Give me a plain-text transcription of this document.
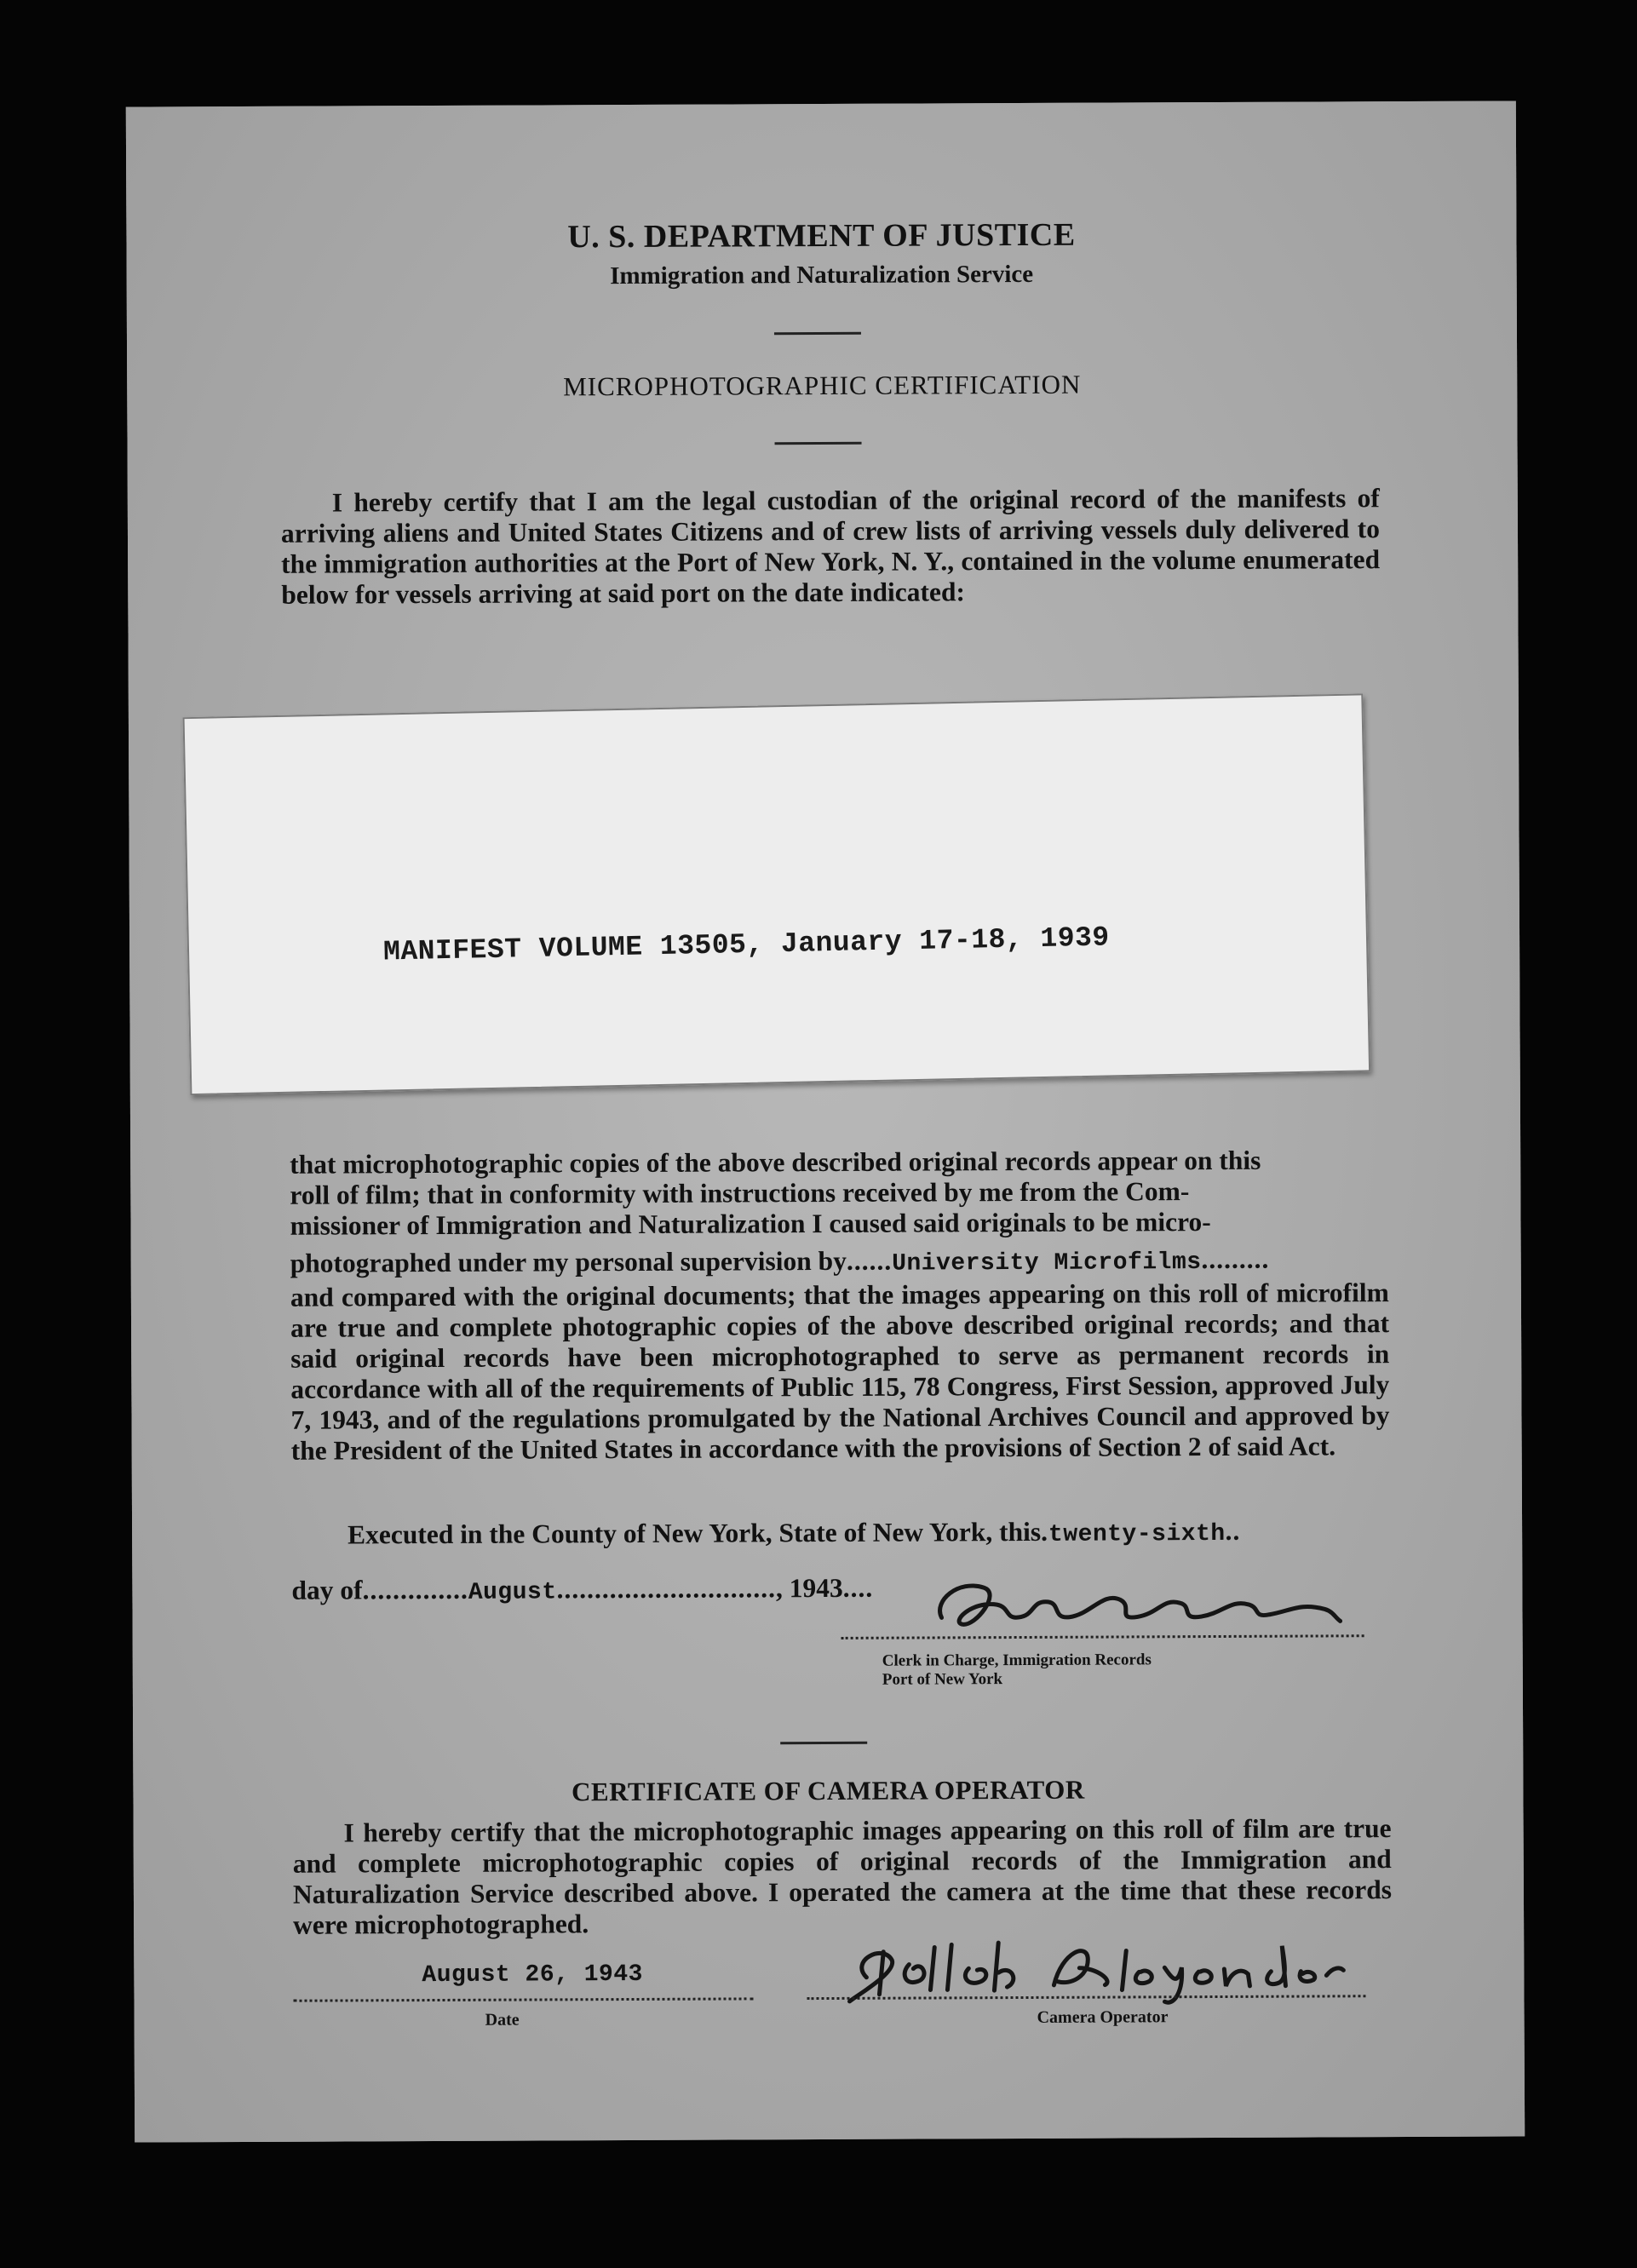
U. S. DEPARTMENT OF JUSTICE
Immigration and Naturalization Service
MICROPHOTOGRAPHIC CERTIFICATION
I hereby certify that I am the legal custodian of the original record of the manifests of arriving aliens and United States Citizens and of crew lists of arriving vessels duly delivered to the immigration authorities at the Port of New York, N. Y., contained in the volume enumerated below for vessels arriving at said port on the date indicated:
MANIFEST VOLUME 13505, January 17-18, 1939
that microphotographic copies of the above described original records appear on this
roll of film; that in conformity with instructions received by me from the Com-
missioner of Immigration and Naturalization I caused said originals to be micro-
photographed under my personal supervision by......University Microfilms.........
and compared with the original documents; that the images appearing on this roll of microfilm are true and complete photographic copies of the above described original records; and that said original records have been microphotographed to serve as permanent records in accordance with all of the requirements of Public 115, 78 Congress, First Session, approved July 7, 1943, and of the regulations promulgated by the National Archives Council and approved by the President of the United States in accordance with the provisions of Section 2 of said Act.
Executed in the County of New York, State of New York, this.twenty-sixth..
day of..............August............................., 1943....
Clerk in Charge, Immigration Records
Port of New York
CERTIFICATE OF CAMERA OPERATOR
I hereby certify that the microphotographic images appearing on this roll of film are true and complete microphotographic copies of original records of the Immigration and Naturalization Service described above. I operated the camera at the time that these records were microphotographed.
August 26, 1943
Date	Camera Operator
